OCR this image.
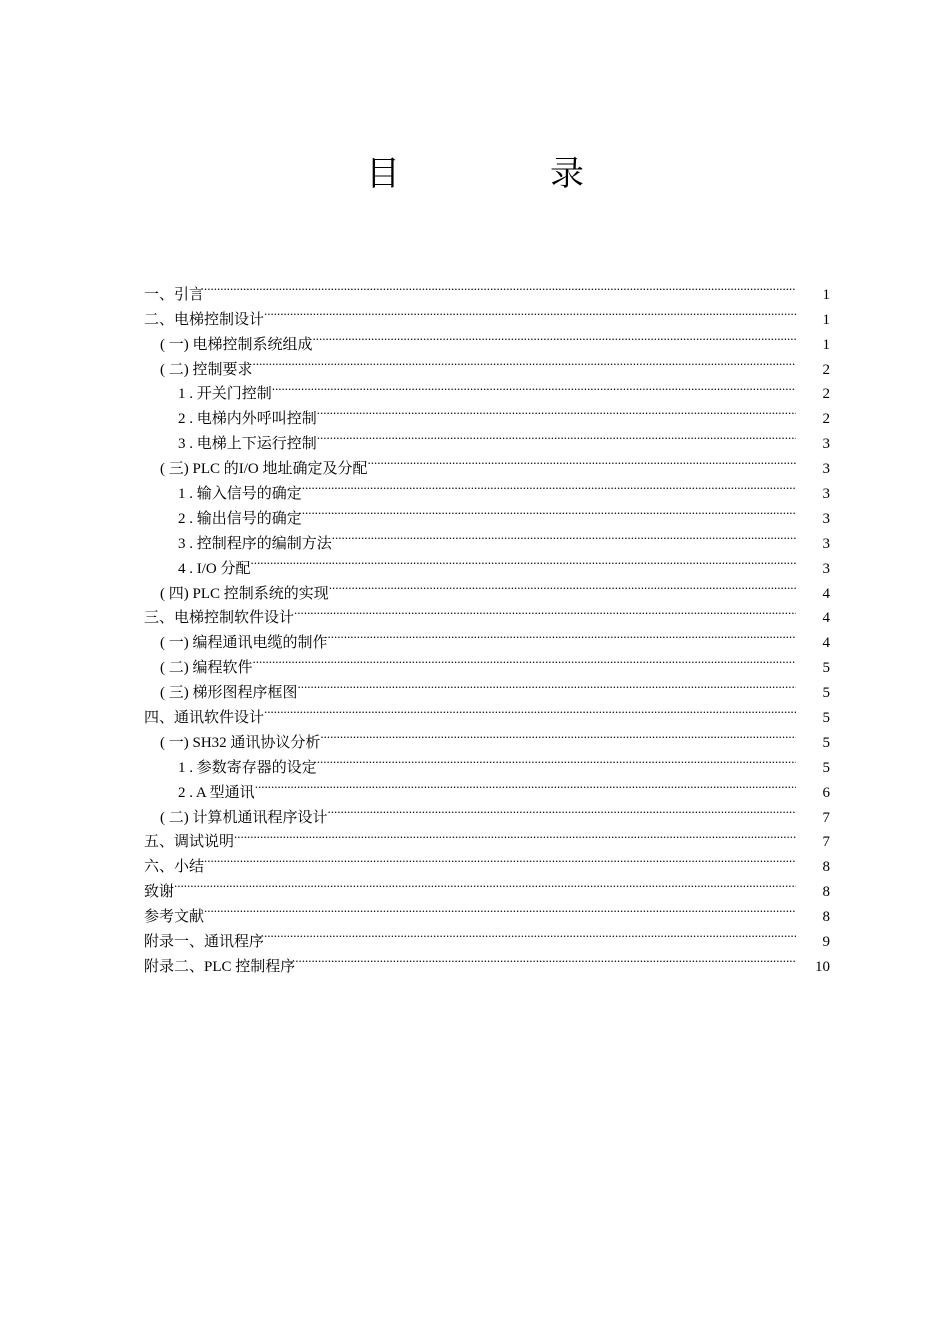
目	录
一、引言 .....	1
二、电梯控制设计 .....	1
( 一) 电梯控制系统组成 .....	1
( 二) 控制要求 .....	2
1 . 开关门控制 .....	2
2 . 电梯内外呼叫控制 .....	2
3 . 电梯上下运行控制 .....	3
( 三) PLC 的I/O 地址确定及分配 .....	3
1 . 输入信号的确定 .....	3
2 . 输出信号的确定 .....	3
3 . 控制程序的编制方法 .....	3
4 . I/O 分配 .....	3
( 四) PLC 控制系统的实现 .....	4
三、电梯控制软件设计 .....	4
( 一) 编程通讯电缆的制作 .....	4
( 二) 编程软件 .....	5
( 三) 梯形图程序框图 .....	5
四、通讯软件设计 .....	5
( 一) SH32 通讯协议分析 .....	5
1 . 参数寄存器的设定 .....	5
2 . A 型通讯 .....	6
( 二) 计算机通讯程序设计 .....	7
五、调试说明 .....	7
六、小结 .....	8
致谢 .....	8
参考文献 .....	8
附录一、通讯程序 .....	9
附录二、PLC 控制程序 .....	10
